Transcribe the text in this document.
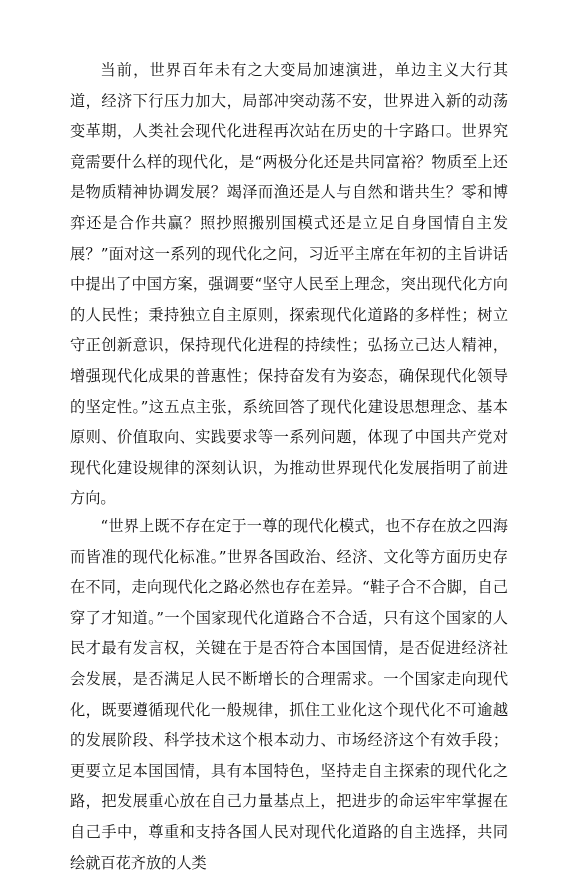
当前，世界百年未有之大变局加速演进，单边主义大行其道，经济下行压力加大，局部冲突动荡不安，世界进入新的动荡变革期，人类社会现代化进程再次站在历史的十字路口。世界究竟需要什么样的现代化，是“两极分化还是共同富裕？物质至上还是物质精神协调发展？竭泽而渔还是人与自然和谐共生？零和博弈还是合作共赢？照抄照搬别国模式还是立足自身国情自主发展？”面对这一系列的现代化之问，习近平主席在年初的主旨讲话中提出了中国方案，强调要“坚守人民至上理念，突出现代化方向的人民性；秉持独立自主原则，探索现代化道路的多样性；树立守正创新意识，保持现代化进程的持续性；弘扬立己达人精神，增强现代化成果的普惠性；保持奋发有为姿态，确保现代化领导的坚定性。”这五点主张，系统回答了现代化建设思想理念、基本原则、价值取向、实践要求等一系列问题，体现了中国共产党对现代化建设规律的深刻认识，为推动世界现代化发展指明了前进方向。

“世界上既不存在定于一尊的现代化模式，也不存在放之四海而皆准的现代化标准。”世界各国政治、经济、文化等方面历史存在不同，走向现代化之路必然也存在差异。“鞋子合不合脚，自己穿了才知道。”一个国家现代化道路合不合适，只有这个国家的人民才最有发言权，关键在于是否符合本国国情，是否促进经济社会发展，是否满足人民不断增长的合理需求。一个国家走向现代化，既要遵循现代化一般规律，抓住工业化这个现代化不可逾越的发展阶段、科学技术这个根本动力、市场经济这个有效手段；更要立足本国国情，具有本国特色，坚持走自主探索的现代化之路，把发展重心放在自己力量基点上，把进步的命运牢牢掌握在自己手中，尊重和支持各国人民对现代化道路的自主选择，共同绘就百花齐放的人类
